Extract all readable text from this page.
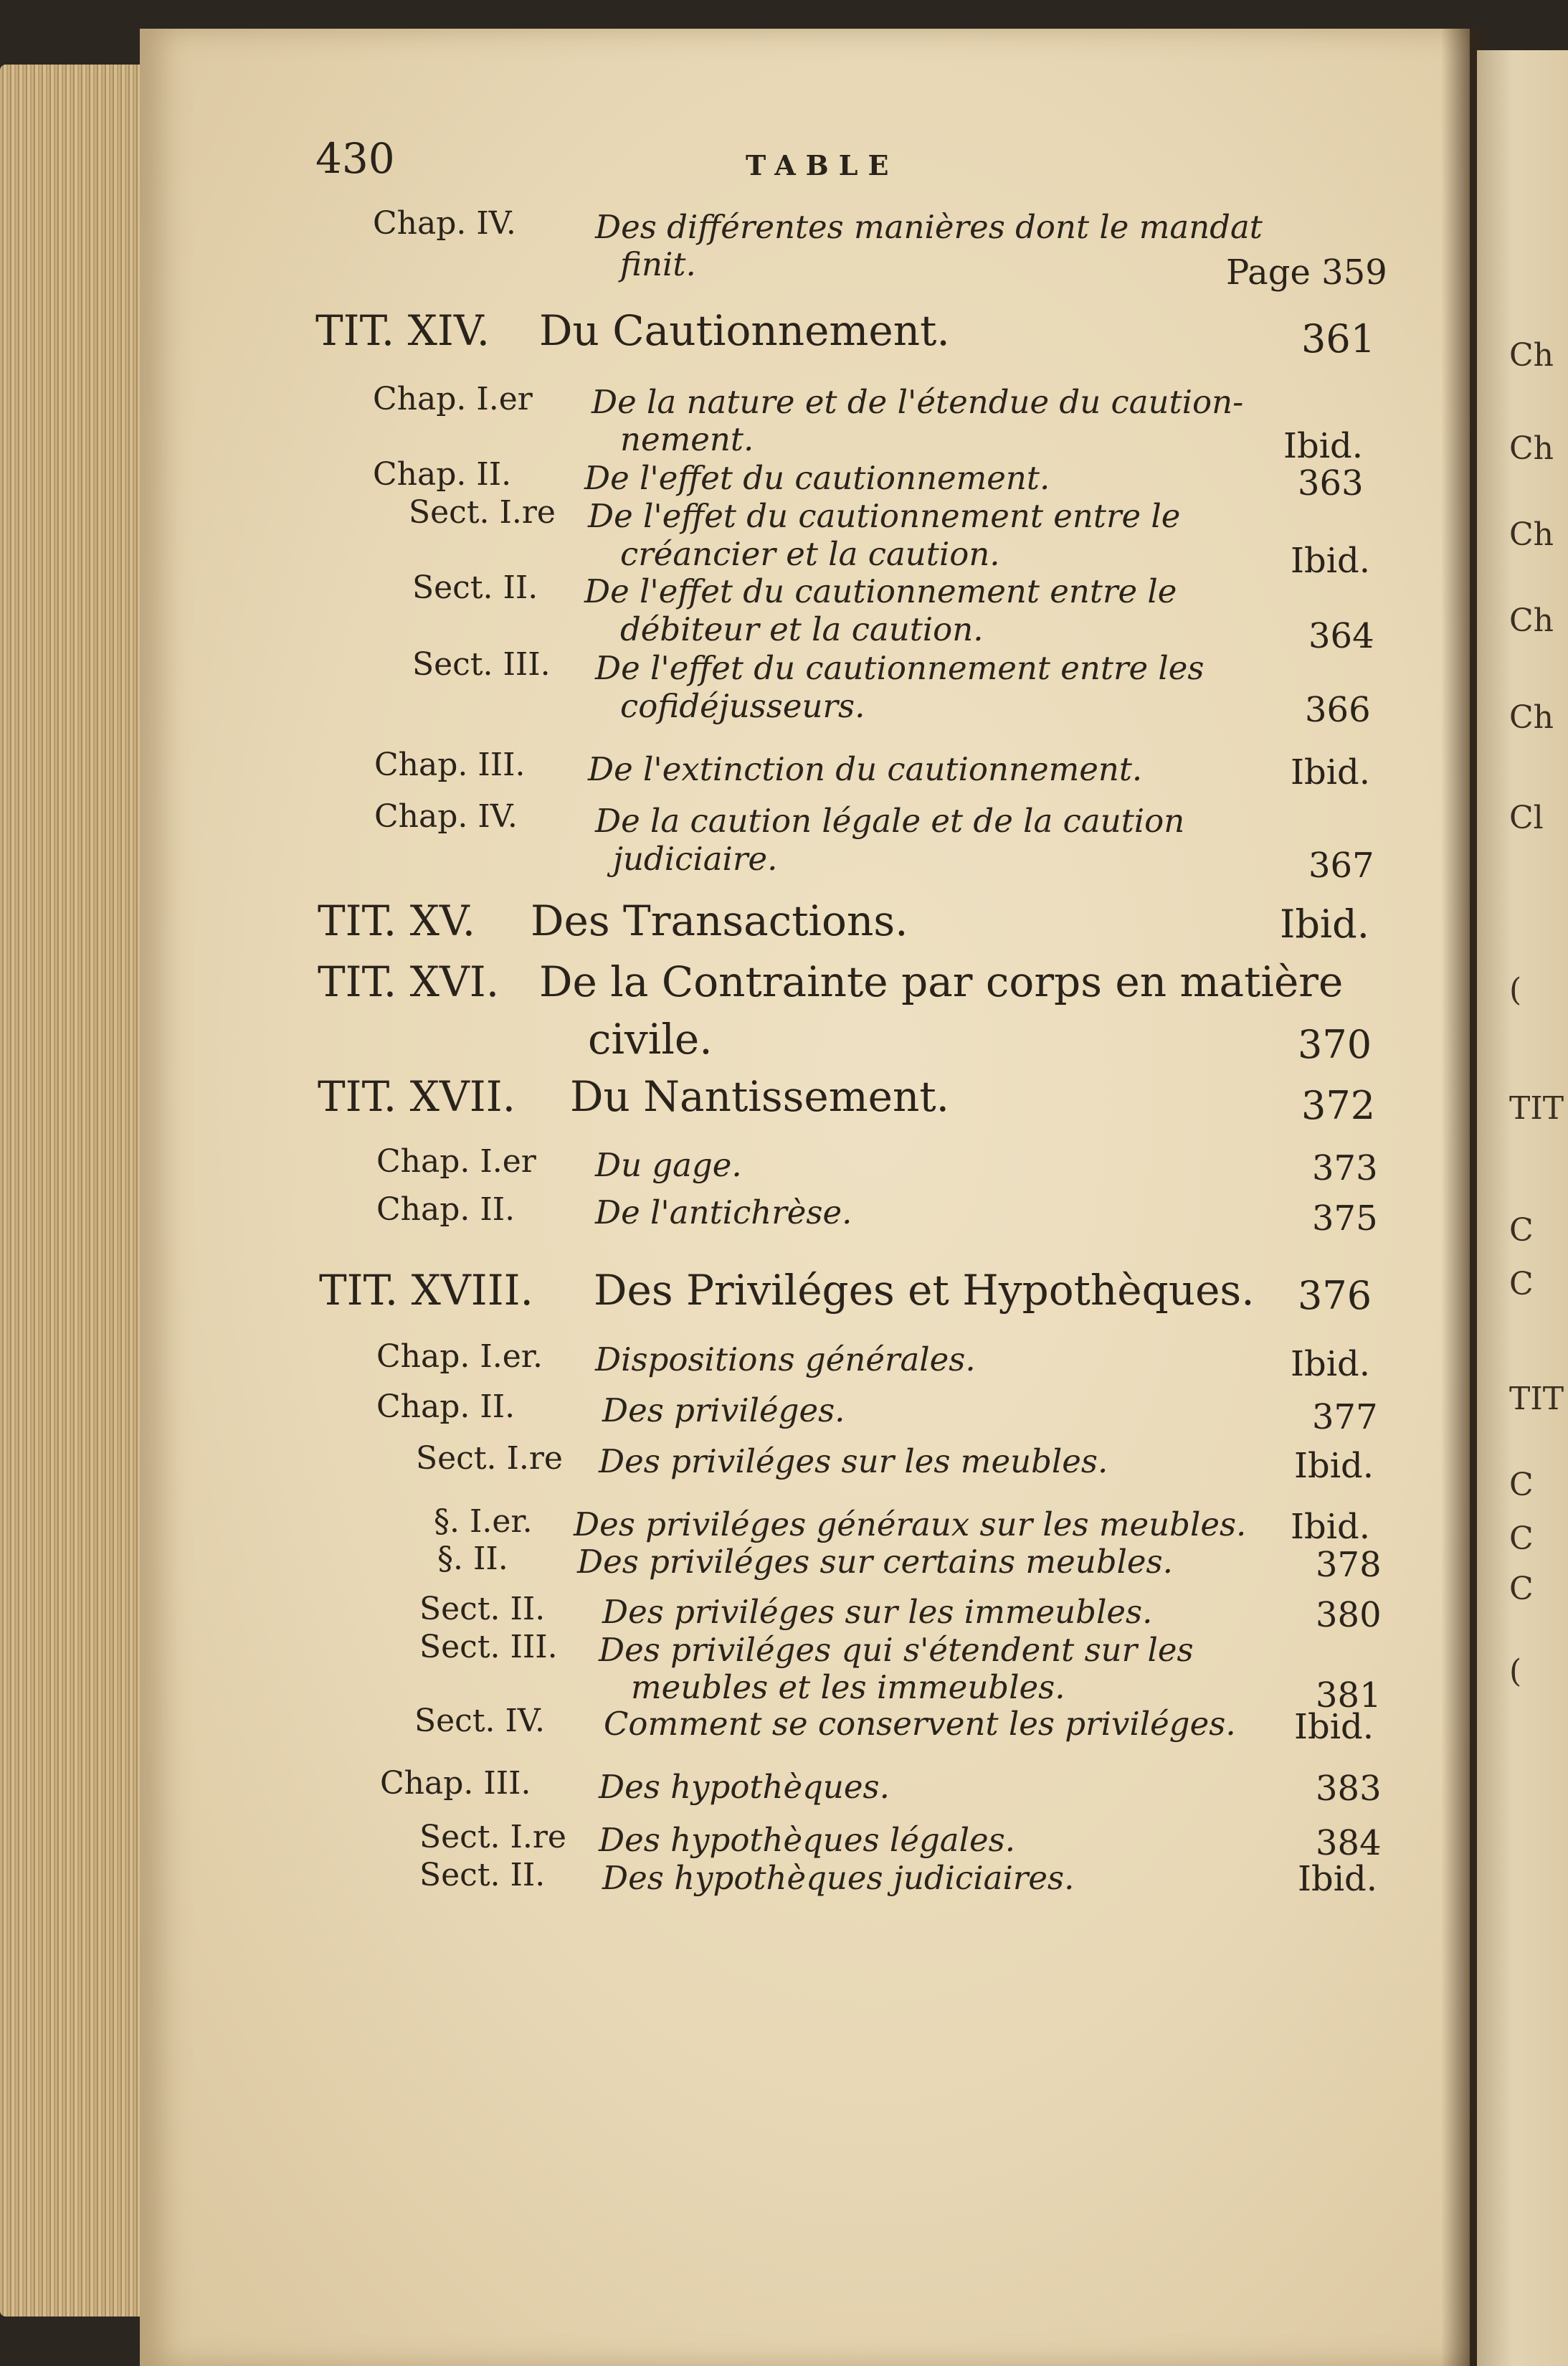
Ch
Ch
Ch
Ch
Ch
Cl
(
TIT
C
C
TIT
C
C
C
(
430	TABLE
Chap. IV. Des différentes manières dont le mandat
finit.	Page 359
TIT. XIV. Du Cautionnement.	361
Chap. I.er De la nature et de l'étendue du caution-
nement.	Ibid.
Chap. II. De l'effet du cautionnement.	363
Sect. I.re De l'effet du cautionnement entre le
créancier et la caution.	Ibid.
Sect. II. De l'effet du cautionnement entre le
débiteur et la caution.	364
Sect. III. De l'effet du cautionnement entre les
cofidéjusseurs.	366
Chap. III. De l'extinction du cautionnement.	Ibid.
Chap. IV. De la caution légale et de la caution
judiciaire.	367
TIT. XV. Des Transactions.	Ibid.
TIT. XVI. De la Contrainte par corps en matière
civile.	370
TIT. XVII. Du Nantissement.	372
Chap. I.er Du gage.	373
Chap. II. De l'antichrèse.	375
TIT. XVIII. Des Priviléges et Hypothèques. 376
Chap. I.er. Dispositions générales.	Ibid.
Chap. II.	Des priviléges.	377
Sect. I.re Des priviléges sur les meubles.	Ibid.
§. I.er. Des priviléges généraux sur les meubles. Ibid.
§. II. Des priviléges sur certains meubles.	378
Sect. II. Des priviléges sur les immeubles.	380
Sect. III. Des priviléges qui s'étendent sur les
meubles et les immeubles.	381
Sect. IV. Comment se conservent les priviléges. Ibid.
Chap. III. Des hypothèques.	383
Sect. I.re Des hypothèques légales.	384
Sect. II. Des hypothèques judiciaires.	Ibid.
